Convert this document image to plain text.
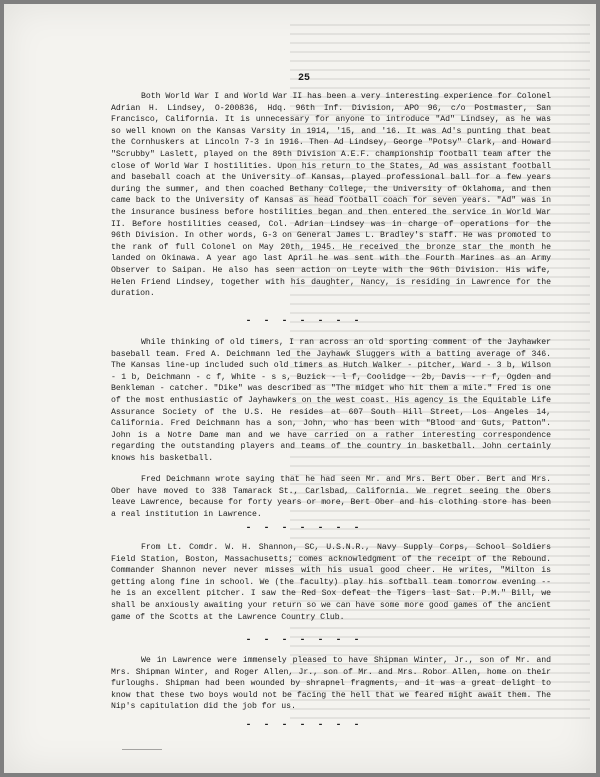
25

Both World War I and World War II has been a very interesting experience for Colonel Adrian H. Lindsey, O-200836, Hdq. 96th Inf. Division, APO 96, c/o Postmaster, San Francisco, California. It is unnecessary for anyone to introduce "Ad" Lindsey, as he was so well known on the Kansas Varsity in 1914, '15, and '16. It was Ad's punting that beat the Cornhuskers at Lincoln 7-3 in 1916. Then Ad Lindsey, George "Potsy" Clark, and Howard "Scrubby" Laslett, played on the 89th Division A.E.F. championship football team after the close of World War I hostilities. Upon his return to the States, Ad was assistant football and baseball coach at the University of Kansas, played professional ball for a few years during the summer, and then coached Bethany College, the University of Oklahoma, and then came back to the University of Kansas as head football coach for seven years. "Ad" was in the insurance business before hostilities began and then entered the service in World War II. Before hostilities ceased, Col. Adrian Lindsey was in charge of operations for the 96th Division. In other words, G-3 on General James L. Bradley's staff. He was promoted to the rank of full Colonel on May 20th, 1945. He received the bronze star the month he landed on Okinawa. A year ago last April he was sent with the Fourth Marines as an Army Observer to Saipan. He also has seen action on Leyte with the 96th Division. His wife, Helen Friend Lindsey, together with his daughter, Nancy, is residing in Lawrence for the duration.

- - - - - - -

While thinking of old timers, I ran across an old sporting comment of the Jayhawker baseball team. Fred A. Deichmann led the Jayhawk Sluggers with a batting average of 346. The Kansas line-up included such old timers as Hutch Walker - pitcher, Ward - 3 b, Wilson - 1 b, Deichmann - c f, White - s s, Buzick - l f, Coolidge - 2b, Davis - r f, Ogden and Benkleman - catcher. "Dike" was described as "The midget who hit them a mile." Fred is one of the most enthusiastic of Jayhawkers on the west coast. His agency is the Equitable Life Assurance Society of the U.S. He resides at 607 South Hill Street, Los Angeles 14, California. Fred Deichmann has a son, John, who has been with "Blood and Guts, Patton". John is a Notre Dame man and we have carried on a rather interesting correspondence regarding the outstanding players and teams of the country in basketball. John certainly knows his basketball.

Fred Deichmann wrote saying that he had seen Mr. and Mrs. Bert Ober. Bert and Mrs. Ober have moved to 338 Tamarack St., Carlsbad, California. We regret seeing the Obers leave Lawrence, because for forty years or more, Bert Ober and his clothing store has been a real institution in Lawrence.

- - - - - - -

From Lt. Comdr. W. H. Shannon, SC, U.S.N.R., Navy Supply Corps, School Soldiers Field Station, Boston, Massachusetts; comes acknowledgment of the receipt of the Rebound. Commander Shannon never never misses with his usual good cheer. He writes, "Milton is getting along fine in school. We (the faculty) play his softball team tomorrow evening -- he is an excellent pitcher. I saw the Red Sox defeat the Tigers last Sat. P.M." Bill, we shall be anxiously awaiting your return so we can have some more good games of the ancient game of the Scotts at the Lawrence Country Club.

- - - - - - -

We in Lawrence were immensely pleased to have Shipman Winter, Jr., son of Mr. and Mrs. Shipman Winter, and Roger Allen, Jr., son of Mr. and Mrs. Robor Allen, home on their furloughs. Shipman had been wounded by shrapnel fragments, and it was a great delight to know that these two boys would not be facing the hell that we feared might await them. The Nip's capitulation did the job for us.

- - - - - - -
